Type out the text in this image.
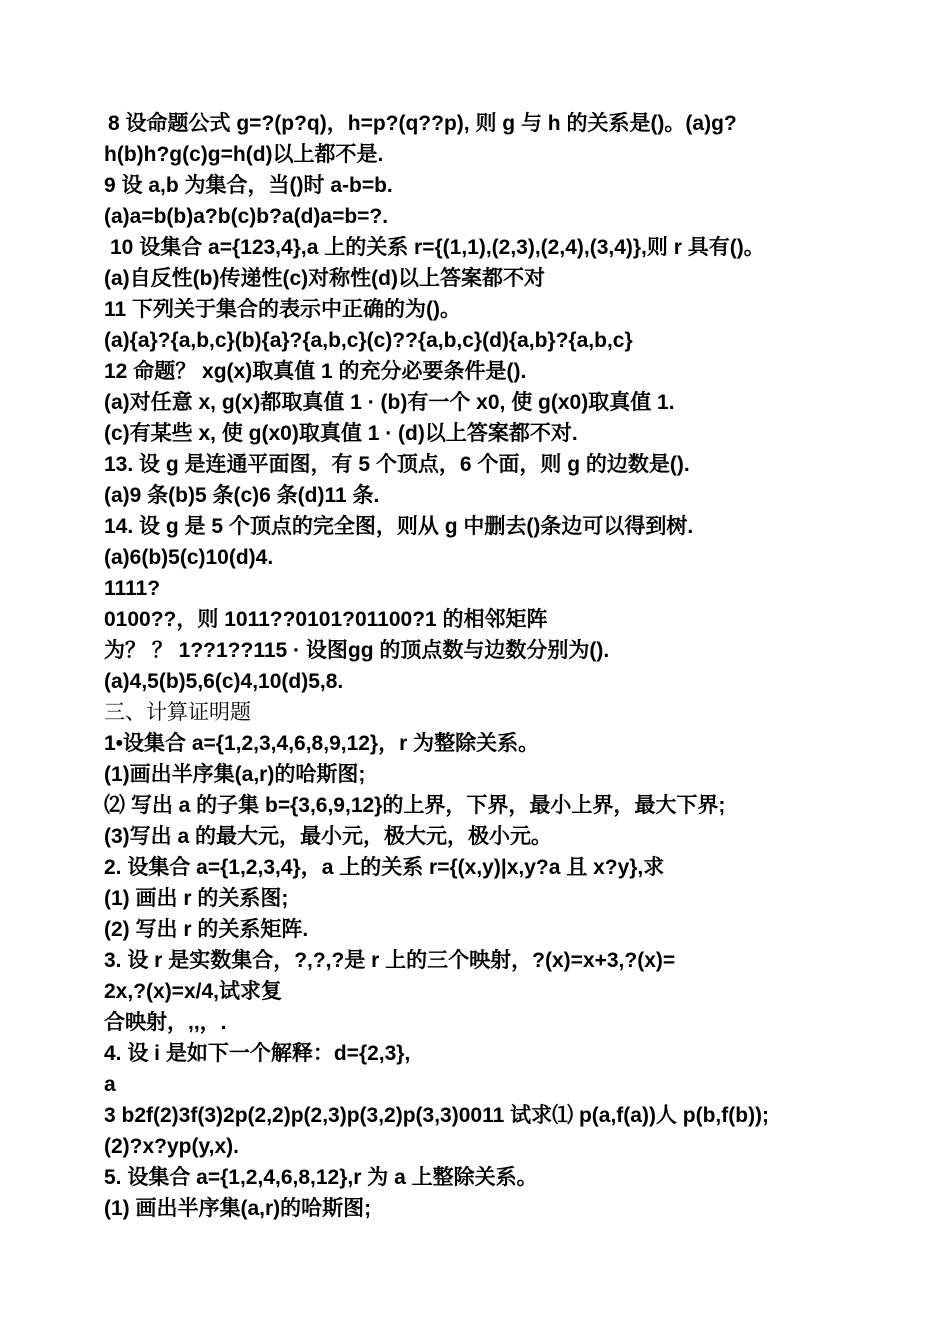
8 设命题公式 g=?(p?q)，h=p?(q??p), 则 g 与 h 的关系是()。(a)g?
h(b)h?g(c)g=h(d)以上都不是.
9 设 a,b 为集合，当()时 a-b=b.
(a)a=b(b)a?b(c)b?a(d)a=b=?.
10 设集合 a={123,4},a 上的关系 r={(1,1),(2,3),(2,4),(3,4)},则 r 具有()。
(a)自反性(b)传递性(c)对称性(d)以上答案都不对
11 下列关于集合的表示中正确的为()。
(a){a}?{a,b,c}(b){a}?{a,b,c}(c)??{a,b,c}(d){a,b}?{a,b,c}
12 命题？ xg(x)取真值 1 的充分必要条件是().
(a)对任意 x, g(x)都取真值 1 · (b)有一个 x0, 使 g(x0)取真值 1.
(c)有某些 x, 使 g(x0)取真值 1 · (d)以上答案都不对.
13. 设 g 是连通平面图，有 5 个顶点，6 个面，则 g 的边数是().
(a)9 条(b)5 条(c)6 条(d)11 条.
14. 设 g 是 5 个顶点的完全图，则从 g 中删去()条边可以得到树.
(a)6(b)5(c)10(d)4.
1111?
0100??，则 1011??0101?01100?1 的相邻矩阵
为？ ？ 1??1??115 · 设图gg 的顶点数与边数分别为().
(a)4,5(b)5,6(c)4,10(d)5,8.
三、计算证明题
1•设集合 a={1,2,3,4,6,8,9,12}，r 为整除关系。
(1)画出半序集(a,r)的哈斯图;
⑵ 写出 a 的子集 b={3,6,9,12}的上界，下界，最小上界，最大下界;
(3)写出 a 的最大元，最小元，极大元，极小元。
2. 设集合 a={1,2,3,4}，a 上的关系 r={(x,y)|x,y?a 且 x?y},求
(1) 画出 r 的关系图;
(2) 写出 r 的关系矩阵.
3. 设 r 是实数集合，?,?,?是 r 上的三个映射，?(x)=x+3,?(x)=
2x,?(x)=x/4,试求复
合映射，,,，.
4. 设 i 是如下一个解释：d={2,3},
a
3 b2f(2)3f(3)2p(2,2)p(2,3)p(3,2)p(3,3)0011 试求⑴ p(a,f(a))人 p(b,f(b));
(2)?x?yp(y,x).
5. 设集合 a={1,2,4,6,8,12},r 为 a 上整除关系。
(1) 画出半序集(a,r)的哈斯图;
